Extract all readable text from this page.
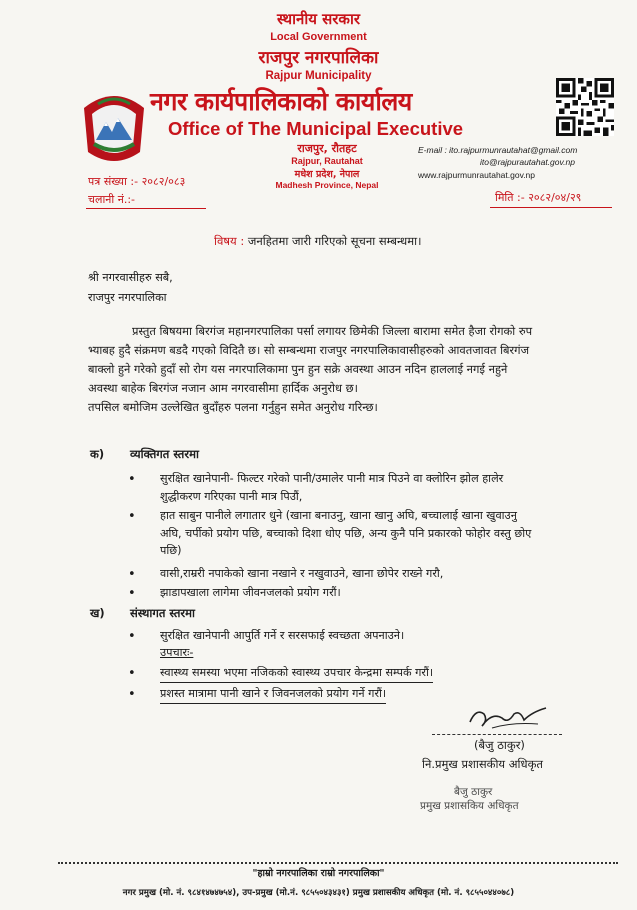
स्थानीय सरकार
Local Government
राजपुर नगरपालिका
Rajpur Municipality
नगर कार्यपालिकाको कार्यालय
Office of The Municipal Executive
राजपुर, रौतहट
Rajpur, Rautahat
मधेश प्रदेश, नेपाल
Madhesh Province, Nepal
E-mail : ito.rajpurmunrautahat@gmail.com
ito@rajpurautahat.gov.np
www.rajpurmunrautahat.gov.np
पत्र संख्या :- २०८२/०८३
चलानी नं.:-	मिति :- २०८२/०४/२९
विषय : जनहितमा जारी गरिएको सूचना सम्बन्धमा।
श्री नगरवासीहरु सबै,
राजपुर नगरपालिका
प्रस्तुत बिषयमा बिरगंज महानगरपालिका पर्सा लगायर छिमेकी जिल्ला बारामा समेत हैजा रोगको रुप
भ्याबह हुदै संक्रमण बडदै गएको विदितै छ। सो सम्बन्धमा राजपुर नगरपालिकावासीहरुको आवतजावत बिरगंज
बाक्लो हुने गरेको हुदाँ सो रोग यस नगरपालिकामा पुन हुन सक्रे अवस्था आउन नदिन हाललाई नगई नहुने
अवस्था बाहेक बिरगंज नजान आम नगरवासीमा हार्दिक अनुरोध छ।
तपसिल बमोजिम उल्लेखित बुदाँहरु पलना गर्नुहुन समेत अनुरोध गरिन्छ।
क) व्यक्तिगत स्तरमा
• सुरक्षित खानेपानी- फिल्टर गरेको पानी/उमालेर पानी मात्र पिउने वा क्लोरिन झोल हालेर
शुद्धीकरण गरिएका पानी मात्र पिउौं,
• हात साबुन पानीले लगातार धुने (खाना बनाउनु, खाना खानु अघि, बच्चालाई खाना खुवाउनु
अघि, चर्पीको प्रयोग पछि, बच्चाको दिशा धोए पछि, अन्य कुनै पनि प्रकारको फोहोर वस्तु छोए
पछि)
• वासी,राम्ररी नपाकेको खाना नखाने र नखुवाउने, खाना छोपेर राख्ने गरौ,
• झाडापखाला लागेमा जीवनजलको प्रयोग गरौं।
ख) संस्थागत स्तरमा
• सुरक्षित खानेपानी आपुर्ति गर्ने र सरसफाई स्वच्छता अपनाउने।
उपचारः-
• स्वास्थ्य समस्या भएमा नजिकको स्वास्थ्य उपचार केन्द्रमा सम्पर्क गरौं।
• प्रशस्त मात्रामा पानी खाने र जिवनजलको प्रयोग गर्ने गरौं।
(बैजु ठाकुर)
नि.प्रमुख प्रशासकीय अधिकृत
बैजु ठाकुर
प्रमुख प्रशासकिय अधिकृत
"हाम्रो नगरपालिका राम्रो नगरपालिका"
नगर प्रमुख (मो. नं. ९८४१४७४७५४), उप-प्रमुख (मो.नं. ९८५५०४३४३१) प्रमुख प्रशासकीय अधिकृत (मो. नं. ९८५५०४४०७८)
